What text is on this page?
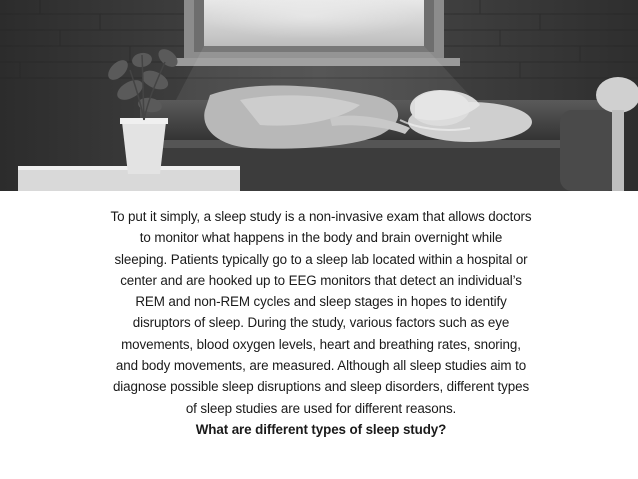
To put it simply, a sleep study is a non-invasive exam that allows doctors
to monitor what happens in the body and brain overnight while
sleeping. Patients typically go to a sleep lab located within a hospital or
center and are hooked up to EEG monitors that detect an individual’s
REM and non-REM cycles and sleep stages in hopes to identify
disruptors of sleep. During the study, various factors such as eye
movements, blood oxygen levels, heart and breathing rates, snoring,
and body movements, are measured. Although all sleep studies aim to
diagnose possible sleep disruptions and sleep disorders, different types
of sleep studies are used for different reasons.
What are different types of sleep study?
